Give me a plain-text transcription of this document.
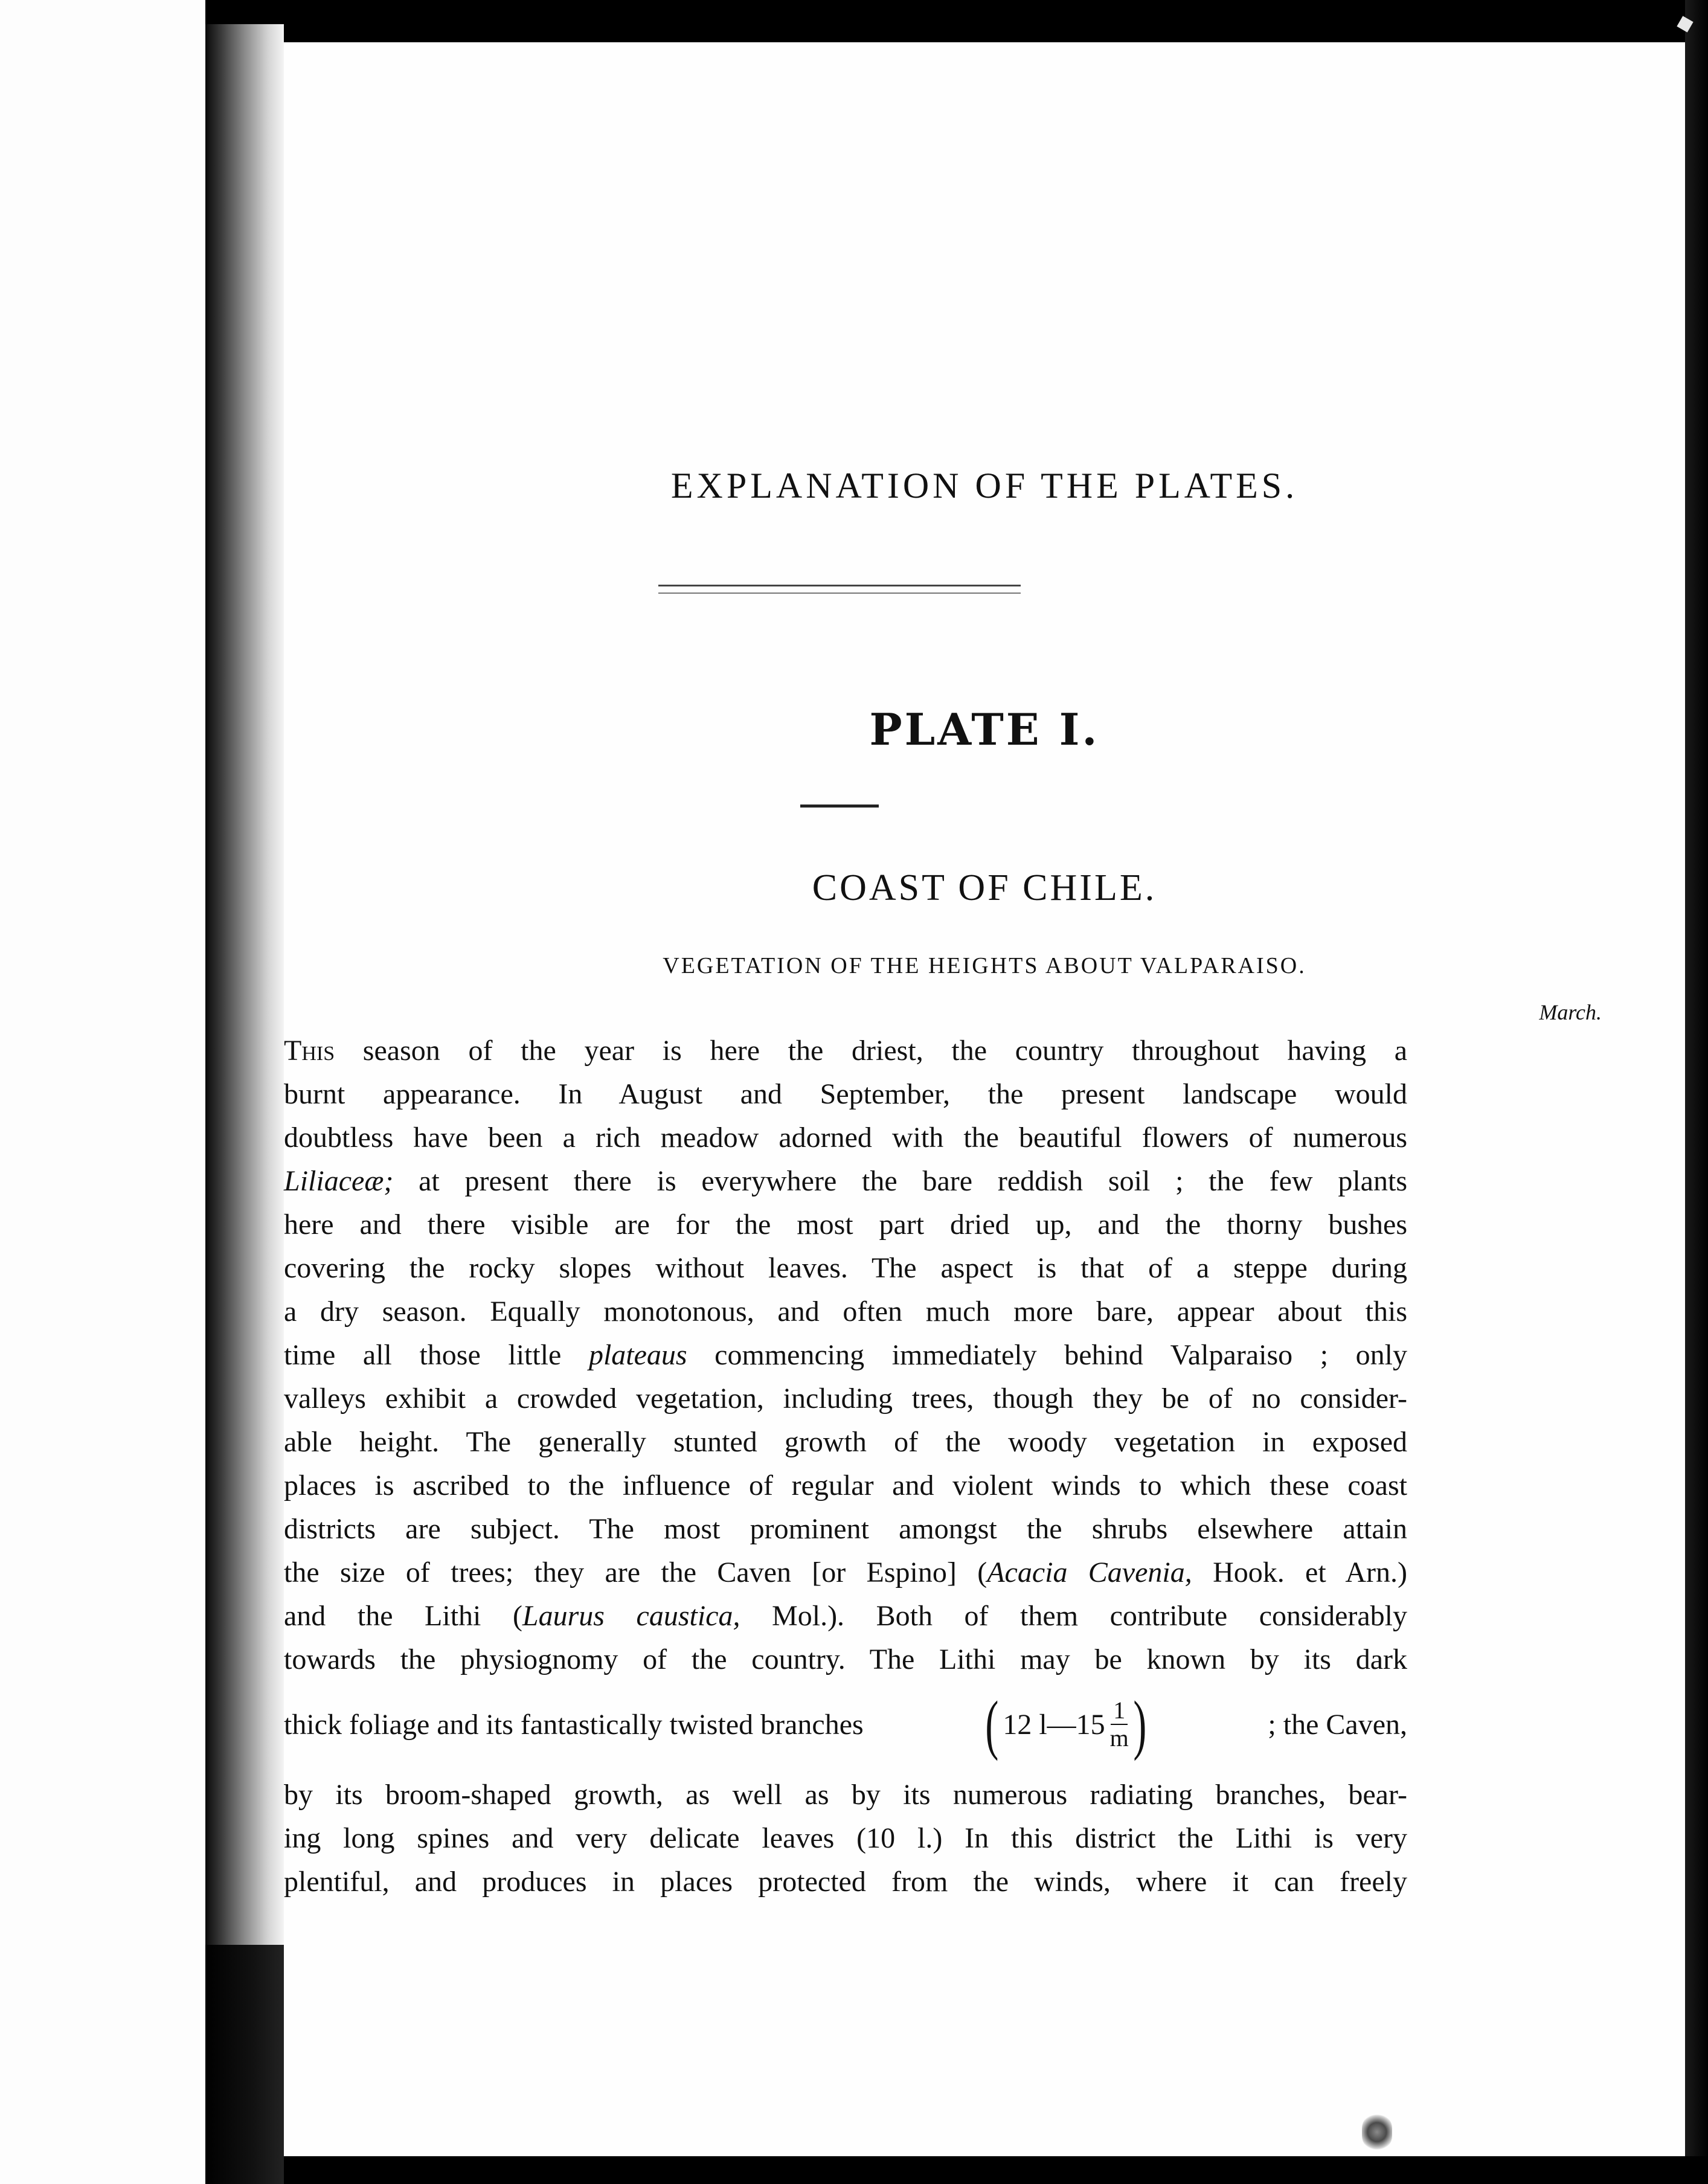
EXPLANATION OF THE PLATES.
PLATE I.
COAST OF CHILE.
VEGETATION OF THE HEIGHTS ABOUT VALPARAISO.

March.

This season of the year is here the driest, the country throughout having a
burnt appearance. In August and September, the present landscape would
doubtless have been a rich meadow adorned with the beautiful flowers of numerous
Liliaceæ; at present there is everywhere the bare reddish soil ; the few plants
here and there visible are for the most part dried up, and the thorny bushes
covering the rocky slopes without leaves. The aspect is that of a steppe during
a dry season. Equally monotonous, and often much more bare, appear about this
time all those little plateaus commencing immediately behind Valparaiso ; only
valleys exhibit a crowded vegetation, including trees, though they be of no consider-
able height. The generally stunted growth of the woody vegetation in exposed
places is ascribed to the influence of regular and violent winds to which these coast
districts are subject. The most prominent amongst the shrubs elsewhere attain
the size of trees; they are the Caven [or Espino] (Acacia Cavenia, Hook. et Arn.)
and the Lithi (Laurus caustica, Mol.). Both of them contribute considerably
towards the physiognomy of the country. The Lithi may be known by its dark
thick foliage and its fantastically twisted branches ( 12 l—15 $\frac{1}{m}$ )	; the Caven,
by its broom-shaped growth, as well as by its numerous radiating branches, bear-
ing long spines and very delicate leaves (10 l.) In this district the Lithi is very
plentiful, and produces in places protected from the winds, where it can freely
